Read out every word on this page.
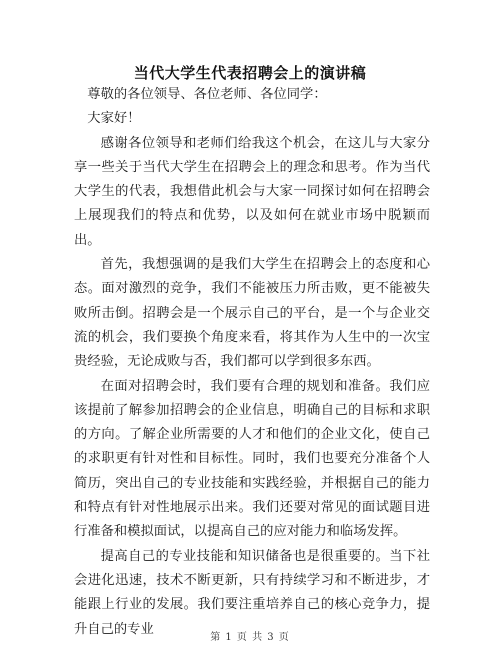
当代大学生代表招聘会上的演讲稿

尊敬的各位领导、各位老师、各位同学：

大家好！

感谢各位领导和老师们给我这个机会，在这儿与大家分享一些关于当代大学生在招聘会上的理念和思考。作为当代大学生的代表，我想借此机会与大家一同探讨如何在招聘会上展现我们的特点和优势，以及如何在就业市场中脱颖而出。

首先，我想强调的是我们大学生在招聘会上的态度和心态。面对激烈的竞争，我们不能被压力所击败，更不能被失败所击倒。招聘会是一个展示自己的平台，是一个与企业交流的机会，我们要换个角度来看，将其作为人生中的一次宝贵经验，无论成败与否，我们都可以学到很多东西。

在面对招聘会时，我们要有合理的规划和准备。我们应该提前了解参加招聘会的企业信息，明确自己的目标和求职的方向。了解企业所需要的人才和他们的企业文化，使自己的求职更有针对性和目标性。同时，我们也要充分准备个人简历，突出自己的专业技能和实践经验，并根据自己的能力和特点有针对性地展示出来。我们还要对常见的面试题目进行准备和模拟面试，以提高自己的应对能力和临场发挥。

提高自己的专业技能和知识储备也是很重要的。当下社会进化迅速，技术不断更新，只有持续学习和不断进步，才能跟上行业的发展。我们要注重培养自己的核心竞争力，提升自己的专业

第 1 页 共 3 页
